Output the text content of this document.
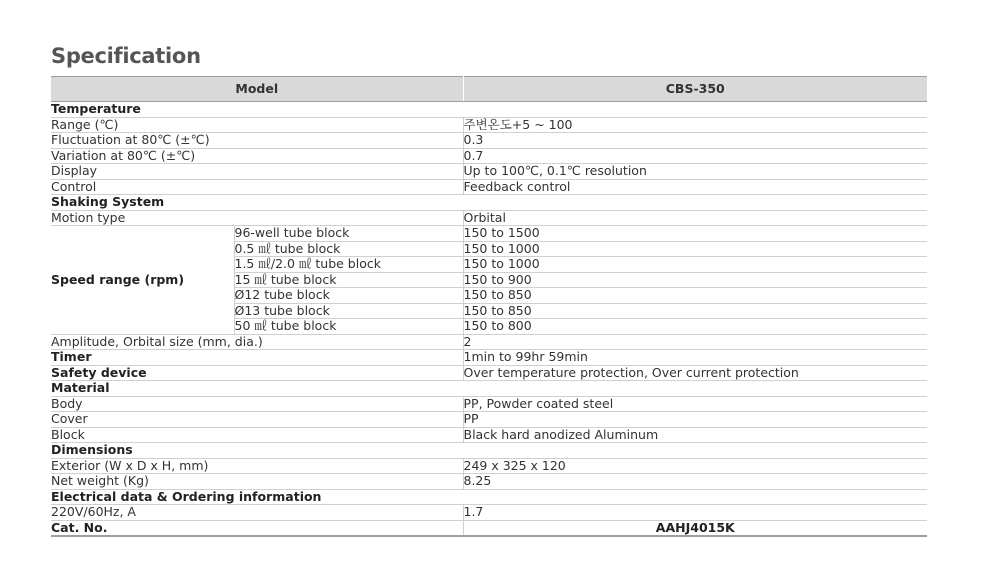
Specification
Model		CBS-350
Temperature		
Range (℃)		주변온도+5 ~ 100
Fluctuation at 80℃ (±℃)		0.3
Variation at 80℃ (±℃)		0.7
Display		Up to 100℃, 0.1℃ resolution
Control		Feedback control
Shaking System		
Motion type		Orbital
Speed range (rpm)	96-well tube block	150 to 1500
	0.5 ㎖ tube block	150 to 1000
	1.5 ㎖/2.0 ㎖ tube block	150 to 1000
	15 ㎖ tube block	150 to 900
	Ø12 tube block	150 to 850
	Ø13 tube block	150 to 850
	50 ㎖ tube block	150 to 800
Amplitude, Orbital size (mm, dia.)		2
Timer		1min to 99hr 59min
Safety device		Over temperature protection, Over current protection
Material		
Body		PP, Powder coated steel
Cover		PP
Block		Black hard anodized Aluminum
Dimensions		
Exterior (W x D x H, mm)		249 x 325 x 120
Net weight (Kg)		8.25
Electrical data & Ordering information		
220V/60Hz, A		1.7
Cat. No.		AAHJ4015K
